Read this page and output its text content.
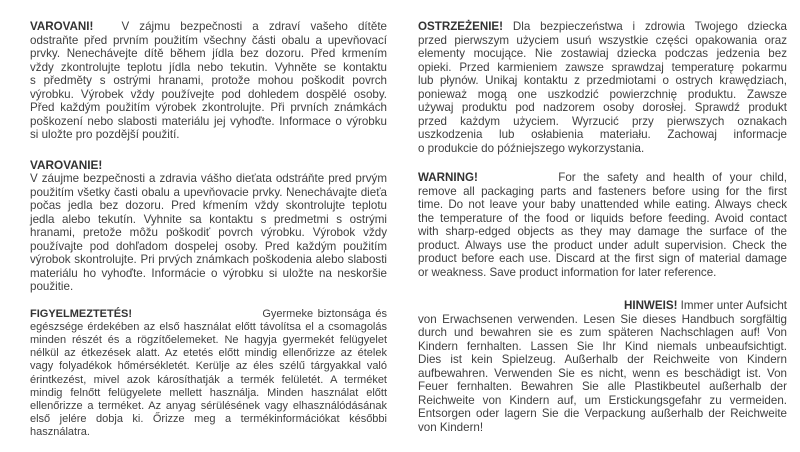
VAROVANI! V zájmu bezpečnosti a zdraví vašeho dítěte
odstraňte před prvním použitím všechny části obalu a upevňovací
prvky. Nenechávejte dítě během jídla bez dozoru. Před krmením
vždy zkontrolujte teplotu jídla nebo tekutin. Vyhněte se kontaktu
s předměty s ostrými hranami, protože mohou poškodit povrch
výrobku. Výrobek vždy používejte pod dohledem dospělé osoby.
Před každým použitím výrobek zkontrolujte. Při prvních známkách
poškození nebo slabosti materiálu jej vyhoďte. Informace o výrobku
si uložte pro pozdější použití.
VAROVANIE!
V záujme bezpečnosti a zdravia vášho dieťata odstráňte pred prvým
použitím všetky časti obalu a upevňovacie prvky. Nenechávajte dieťa
počas jedla bez dozoru. Pred kŕmením vždy skontrolujte teplotu
jedla alebo tekutín. Vyhnite sa kontaktu s predmetmi s ostrými
hranami, pretože môžu poškodiť povrch výrobku. Výrobok vždy
používajte pod dohľadom dospelej osoby. Pred každým použitím
výrobok skontrolujte. Pri prvých známkach poškodenia alebo slabosti
materiálu ho vyhoďte. Informácie o výrobku si uložte na neskoršie
použitie.
FIGYELMEZTETÉS!	Gyermeke biztonsága és
egészsége érdekében az első használat előtt távolítsa el a csomagolás
minden részét és a rögzítőelemeket. Ne hagyja gyermekét felügyelet
nélkül az étkezések alatt. Az etetés előtt mindig ellenőrizze az ételek
vagy folyadékok hőmérsékletét. Kerülje az éles szélű tárgyakkal való
érintkezést, mivel azok károsíthatják a termék felületét. A terméket
mindig felnőtt felügyelete mellett használja. Minden használat előtt
ellenőrizze a terméket. Az anyag sérülésének vagy elhasználódásának
első jelére dobja ki. Őrizze meg a termékinformációkat későbbi
használatra.
OSTRZEŻENIE! Dla bezpieczeństwa i zdrowia Twojego dziecka
przed pierwszym użyciem usuń wszystkie części opakowania oraz
elementy mocujące. Nie zostawiaj dziecka podczas jedzenia bez
opieki. Przed karmieniem zawsze sprawdzaj temperaturę pokarmu
lub płynów. Unikaj kontaktu z przedmiotami o ostrych krawędziach,
ponieważ mogą one uszkodzić powierzchnię produktu. Zawsze
używaj produktu pod nadzorem osoby dorosłej. Sprawdź produkt
przed każdym użyciem. Wyrzucić przy pierwszych oznakach
uszkodzenia lub osłabienia materiału. Zachowaj informacje
o produkcie do późniejszego wykorzystania.
WARNING!	For the safety and health of your child,
remove all packaging parts and fasteners before using for the first
time. Do not leave your baby unattended while eating. Always check
the temperature of the food or liquids before feeding. Avoid contact
with sharp-edged objects as they may damage the surface of the
product. Always use the product under adult supervision. Check the
product before each use. Discard at the first sign of material damage
or weakness. Save product information for later reference.
HINWEIS! Immer unter Aufsicht
von Erwachsenen verwenden. Lesen Sie dieses Handbuch sorgfältig
durch und bewahren sie es zum späteren Nachschlagen auf! Von
Kindern fernhalten. Lassen Sie Ihr Kind niemals unbeaufsichtigt.
Dies ist kein Spielzeug. Außerhalb der Reichweite von Kindern
aufbewahren. Verwenden Sie es nicht, wenn es beschädigt ist. Von
Feuer fernhalten. Bewahren Sie alle Plastikbeutel außerhalb der
Reichweite von Kindern auf, um Erstickungsgefahr zu vermeiden.
Entsorgen oder lagern Sie die Verpackung außerhalb der Reichweite
von Kindern!
